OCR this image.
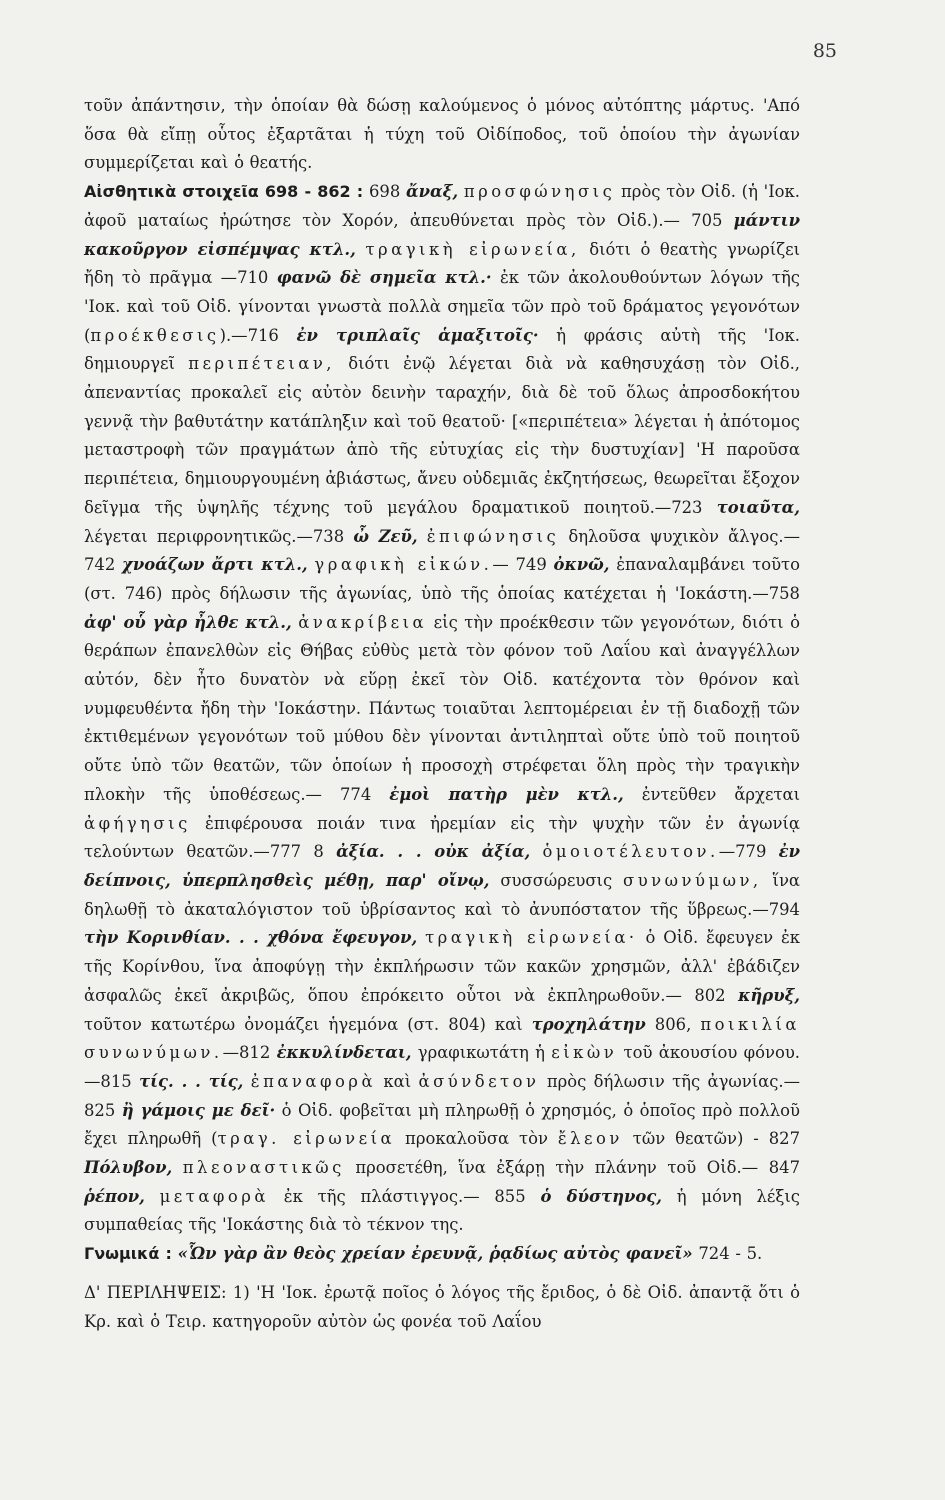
85

τοῦν ἀπάντησιν, τὴν ὁποίαν θὰ δώσῃ καλούμενος ὁ μόνος αὐτόπτης μάρτυς. 'Από ὅσα θὰ εἴπῃ οὗτος ἐξαρτᾶται ἡ τύχη τοῦ Οἰδίποδος, τοῦ ὁποίου τὴν ἀγωνίαν συμμερίζεται καὶ ὁ θεατής.

Αἰσθητικὰ στοιχεῖα 698 - 862 : 698 ἄναξ, προσφώνησις πρὸς τὸν Οἰδ. (ἡ 'Ιοκ. ἀφοῦ ματαίως ἠρώτησε τὸν Χορόν, ἀπευθύνεται πρὸς τὸν Οἰδ.).— 705 μάντιν κακοῦργον εἰσπέμψας κτλ., τραγικὴ εἰρωνεία, διότι ὁ θεατὴς γνωρίζει ἤδη τὸ πρᾶγμα —710 φανῶ δὲ σημεῖα κτλ.· ἐκ τῶν ἀκολουθούντων λόγων τῆς 'Ιοκ. καὶ τοῦ Οἰδ. γίνονται γνωστὰ πολλὰ σημεῖα τῶν πρὸ τοῦ δράματος γεγονότων (προέκθεσις).—716 ἐν τριπλαῖς ἁμαξιτοῖς· ἡ φράσις αὐτὴ τῆς 'Ιοκ. δημιουργεῖ περιπέτειαν, διότι ἐνῷ λέγεται διὰ νὰ καθησυχάσῃ τὸν Οἰδ., ἀπεναντίας προκαλεῖ εἰς αὐτὸν δεινὴν ταραχήν, διὰ δὲ τοῦ ὅλως ἀπροσδοκήτου γεννᾷ τὴν βαθυτάτην κατάπληξιν καὶ τοῦ θεατοῦ· [«περιπέτεια» λέγεται ἡ ἀπότομος μεταστροφὴ τῶν πραγμάτων ἀπὸ τῆς εὐτυχίας εἰς τὴν δυστυχίαν] 'Η παροῦσα περιπέτεια, δημιουργουμένη ἀβιάστως, ἄνευ οὐδεμιᾶς ἐκζητήσεως, θεωρεῖται ἔξοχον δεῖγμα τῆς ὑψηλῆς τέχνης τοῦ μεγάλου δραματικοῦ ποιητοῦ.—723 τοιαῦτα, λέγεται περιφρονητικῶς.—738 ὦ Ζεῦ, ἐπιφώνησις δηλοῦσα ψυχικὸν ἄλγος.—742 χνοάζων ἄρτι κτλ., γραφικὴ εἰκών.— 749 ὀκνῶ, ἐπαναλαμβάνει τοῦτο (στ. 746) πρὸς δήλωσιν τῆς ἀγωνίας, ὑπὸ τῆς ὁποίας κατέχεται ἡ 'Ιοκάστη.—758 ἀφ' οὗ γὰρ ἦλθε κτλ., ἀνακρίβεια εἰς τὴν προέκθεσιν τῶν γεγονότων, διότι ὁ θεράπων ἐπανελθὼν εἰς Θήβας εὐθὺς μετὰ τὸν φόνον τοῦ Λαΐου καὶ ἀναγγέλλων αὐτόν, δὲν ἦτο δυνατὸν νὰ εὕρῃ ἐκεῖ τὸν Οἰδ. κατέχοντα τὸν θρόνον καὶ νυμφευθέντα ἤδη τὴν 'Ιοκάστην. Πάντως τοιαῦται λεπτομέρειαι ἐν τῇ διαδοχῇ τῶν ἐκτιθεμένων γεγονότων τοῦ μύθου δὲν γίνονται ἀντιληπταὶ οὔτε ὑπὸ τοῦ ποιητοῦ οὔτε ὑπὸ τῶν θεατῶν, τῶν ὁποίων ἡ προσοχὴ στρέφεται ὅλη πρὸς τὴν τραγικὴν πλοκὴν τῆς ὑποθέσεως.— 774 ἐμοὶ πατὴρ μὲν κτλ., ἐντεῦθεν ἄρχεται ἀφήγησις ἐπιφέρουσα ποιάν τινα ἠρεμίαν εἰς τὴν ψυχὴν τῶν ἐν ἀγωνίᾳ τελούντων θεατῶν.—777 8 ἀξία. . . οὐκ ἀξία, ὁμοιοτέλευτον.—779 ἐν δείπνοις, ὑπερπλησθεὶς μέθῃ, παρ' οἴνῳ, συσσώρευσις συνωνύμων, ἵνα δηλωθῇ τὸ ἀκαταλόγιστον τοῦ ὑβρίσαντος καὶ τὸ ἀνυπόστατον τῆς ὕβρεως.—794 τὴν Κορινθίαν. . . χθόνα ἔφευγον, τραγικὴ εἰρωνεία· ὁ Οἰδ. ἔφευγεν ἐκ τῆς Κορίνθου, ἵνα ἀποφύγῃ τὴν ἐκπλήρωσιν τῶν κακῶν χρησμῶν, ἀλλ' ἐβάδιζεν ἀσφαλῶς ἐκεῖ ἀκριβῶς, ὅπου ἐπρόκειτο οὗτοι νὰ ἐκπληρωθοῦν.— 802 κῆρυξ, τοῦτον κατωτέρω ὀνομάζει ἡγεμόνα (στ. 804) καὶ τροχηλάτην 806, ποικιλία συνωνύμων.—812 ἐκκυλίνδεται, γραφικωτάτη ἡ εἰκὼν τοῦ ἀκουσίου φόνου.—815 τίς. . . τίς, ἐπαναφορὰ καὶ ἀσύνδετον πρὸς δήλωσιν τῆς ἀγωνίας.—825 ἢ γάμοις με δεῖ· ὁ Οἰδ. φοβεῖται μὴ πληρωθῇ ὁ χρησμός, ὁ ὁποῖος πρὸ πολλοῦ ἔχει πληρωθῆ (τραγ. εἰρωνεία προκαλοῦσα τὸν ἔλεον τῶν θεατῶν) - 827 Πόλυβον, πλεοναστικῶς προσετέθη, ἵνα ἐξάρῃ τὴν πλάνην τοῦ Οἰδ.— 847 ῥέπον, μεταφορὰ ἐκ τῆς πλάστιγγος.— 855 ὁ δύστηνος, ἡ μόνη λέξις συμπαθείας τῆς 'Ιοκάστης διὰ τὸ τέκνον της.

Γνωμικά : «Ὧν γὰρ ἂν θεὸς χρείαν ἐρευνᾷ, ῥᾳδίως αὐτὸς φανεῖ» 724 - 5.

Δ' ΠΕΡΙΛΗΨΕΙΣ: 1) 'Η 'Ιοκ. ἐρωτᾷ ποῖος ὁ λόγος τῆς ἔριδος, ὁ δὲ Οἰδ. ἀπαντᾷ ὅτι ὁ Κρ. καὶ ὁ Τειρ. κατηγοροῦν αὐτὸν ὡς φονέα τοῦ Λαΐου
